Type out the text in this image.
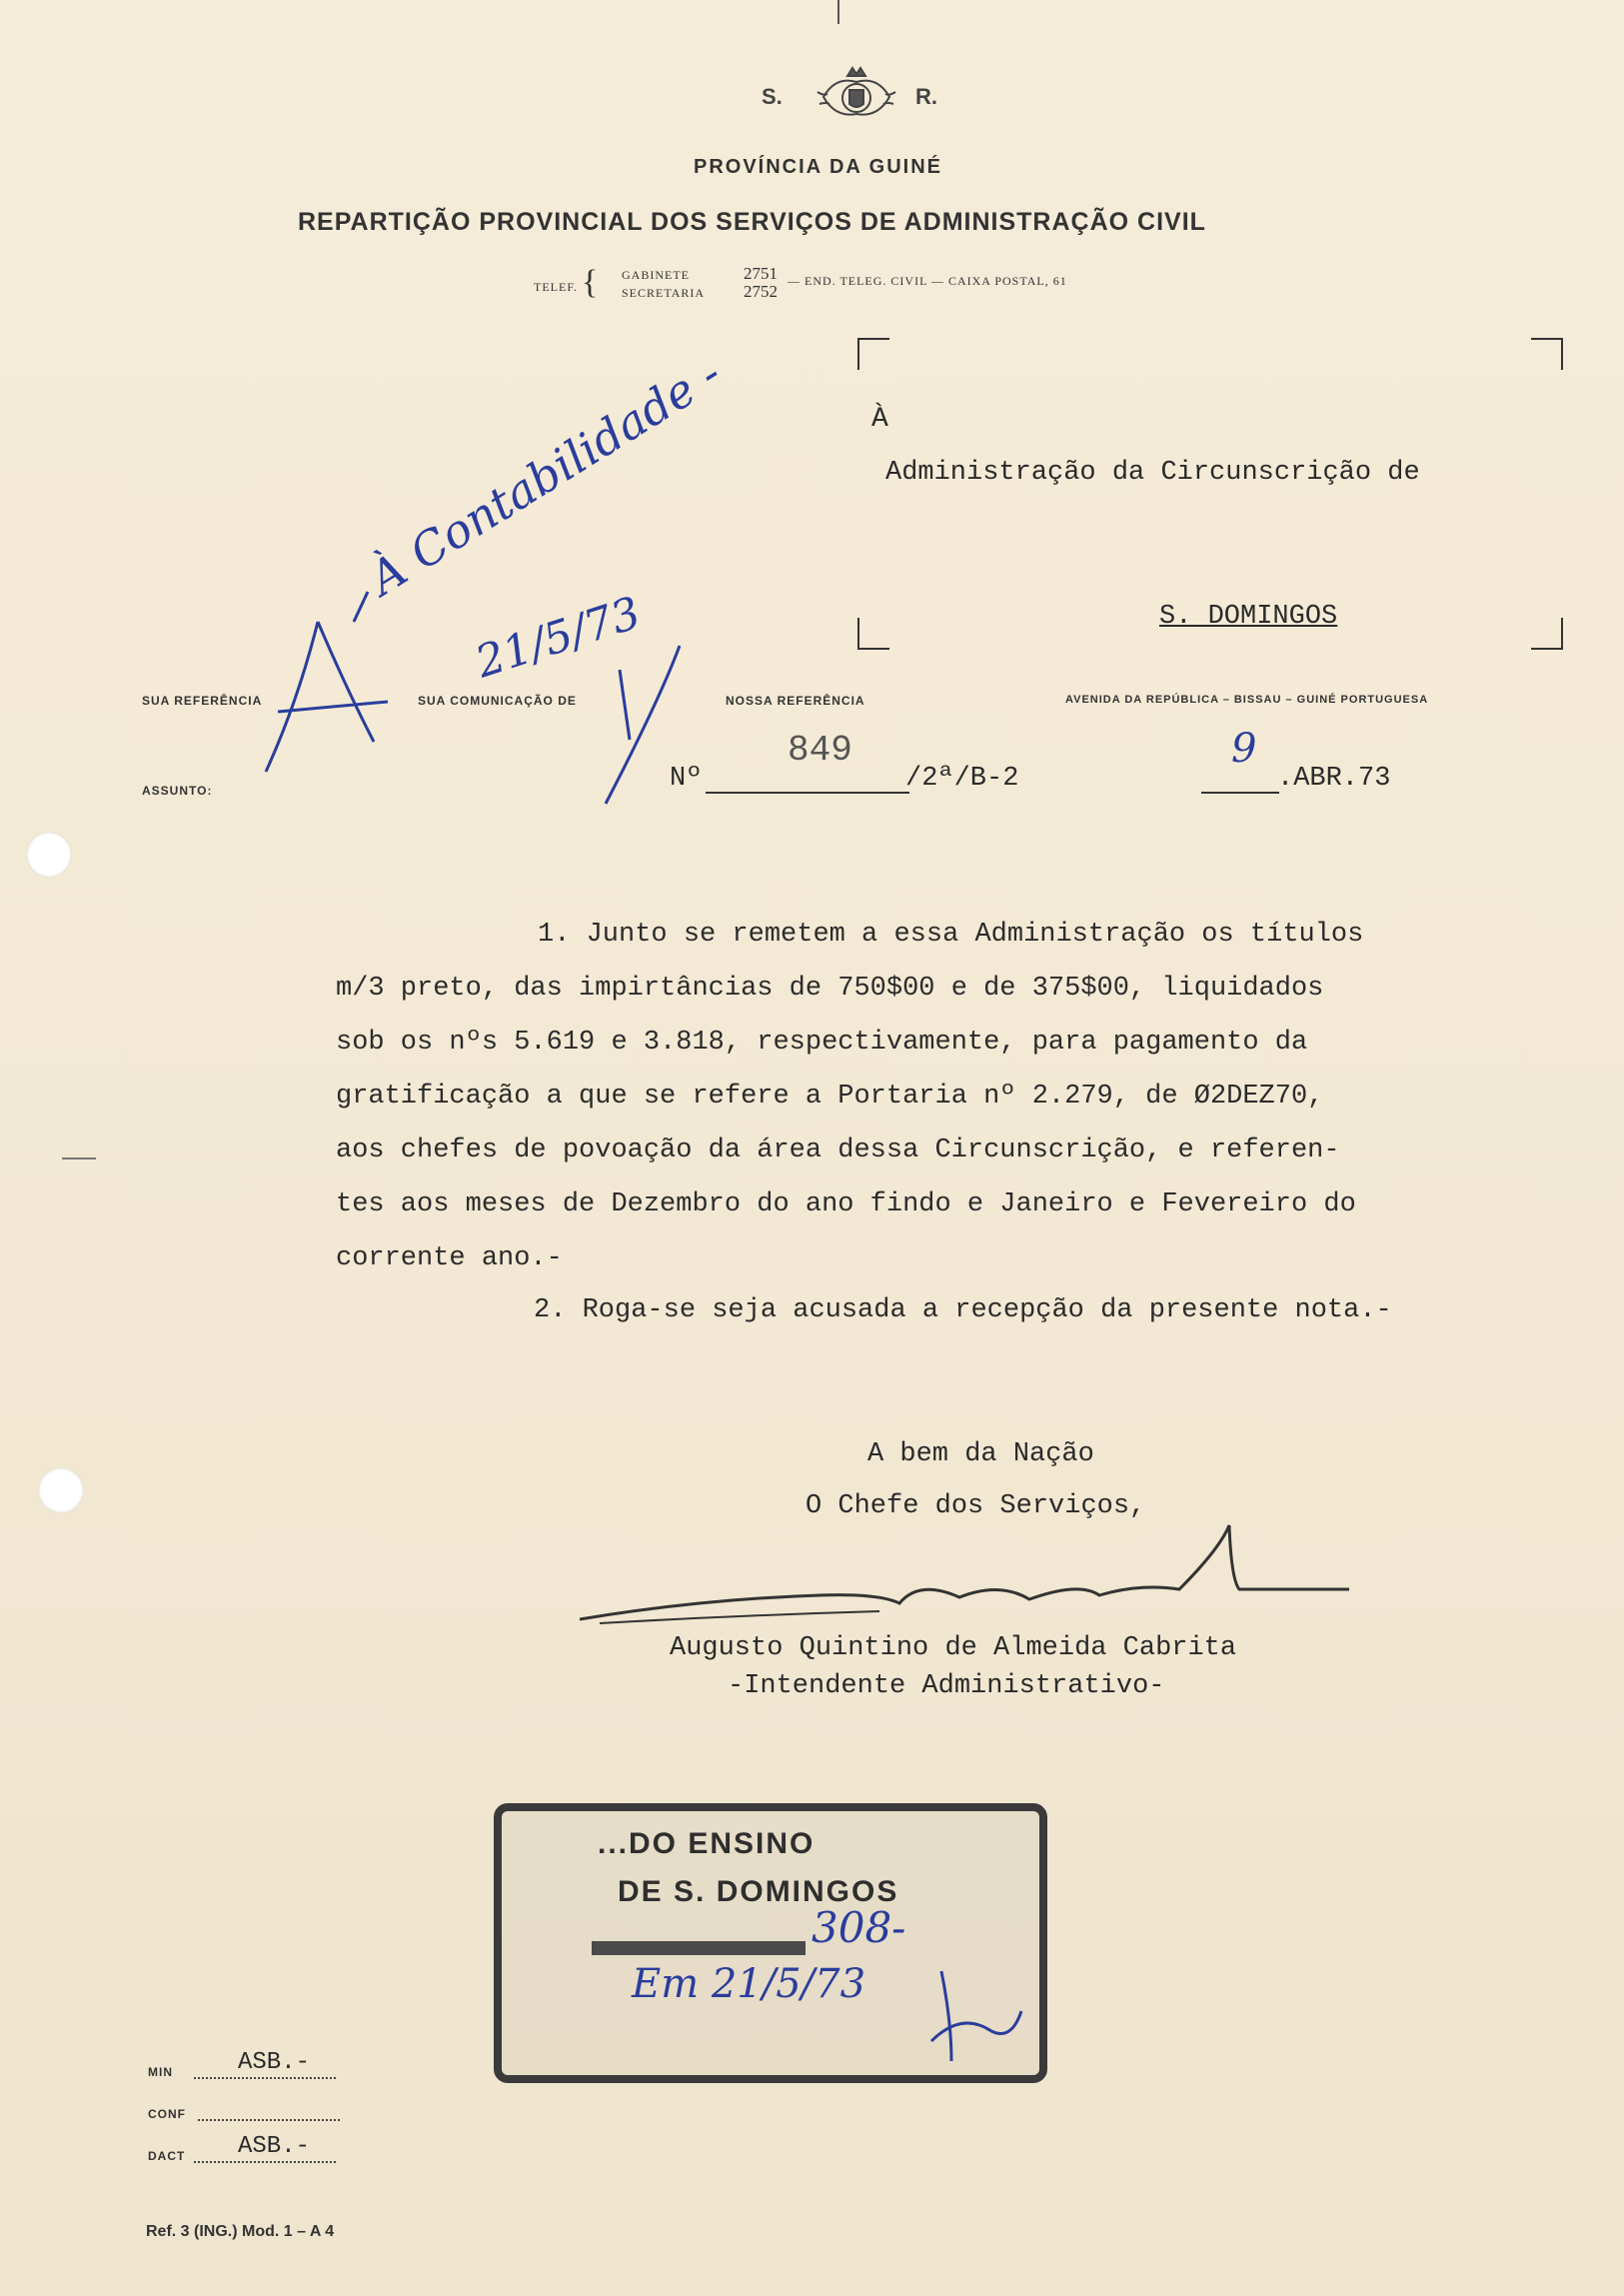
S.	R.
PROVÍNCIA DA GUINÉ
REPARTIÇÃO PROVINCIAL DOS SERVIÇOS DE ADMINISTRAÇÃO CIVIL
TELEF. { GABINETE	2751
SECRETARIA 2752
— END. TELEG. CIVIL — CAIXA POSTAL, 61
À
Administração da Circunscrição de
S. DOMINGOS
SUA REFERÊNCIA	SUA COMUNICAÇÃO DE	NOSSA REFERÊNCIA	AVENIDA DA REPÚBLICA – BISSAU – GUINÉ PORTUGUESA
ASSUNTO:	Nº
849
/2ª/B-2
9
.ABR.73
À Contabilidade -
21/5/73
1. Junto se remetem a essa Administração os títulos
m/3 preto, das impirtâncias de 750$00 e de 375$00, liquidados
sob os nºs 5.619 e 3.818, respectivamente, para pagamento da
gratificação a que se refere a Portaria nº 2.279, de Ø2DEZ70,
aos chefes de povoação da área dessa Circunscrição, e referen-
tes aos meses de Dezembro do ano findo e Janeiro e Fevereiro do
corrente ano.-
2. Roga-se seja acusada a recepção da presente nota.-
A bem da Nação
O Chefe dos Serviços,
Augusto Quintino de Almeida Cabrita
-Intendente Administrativo-
...DO ENSINO
DE S. DOMINGOS
308-
Em 21/5/73
MIN	ASB.-
CONF
DACT ASB.-
Ref. 3 (ING.) Mod. 1 – A 4
